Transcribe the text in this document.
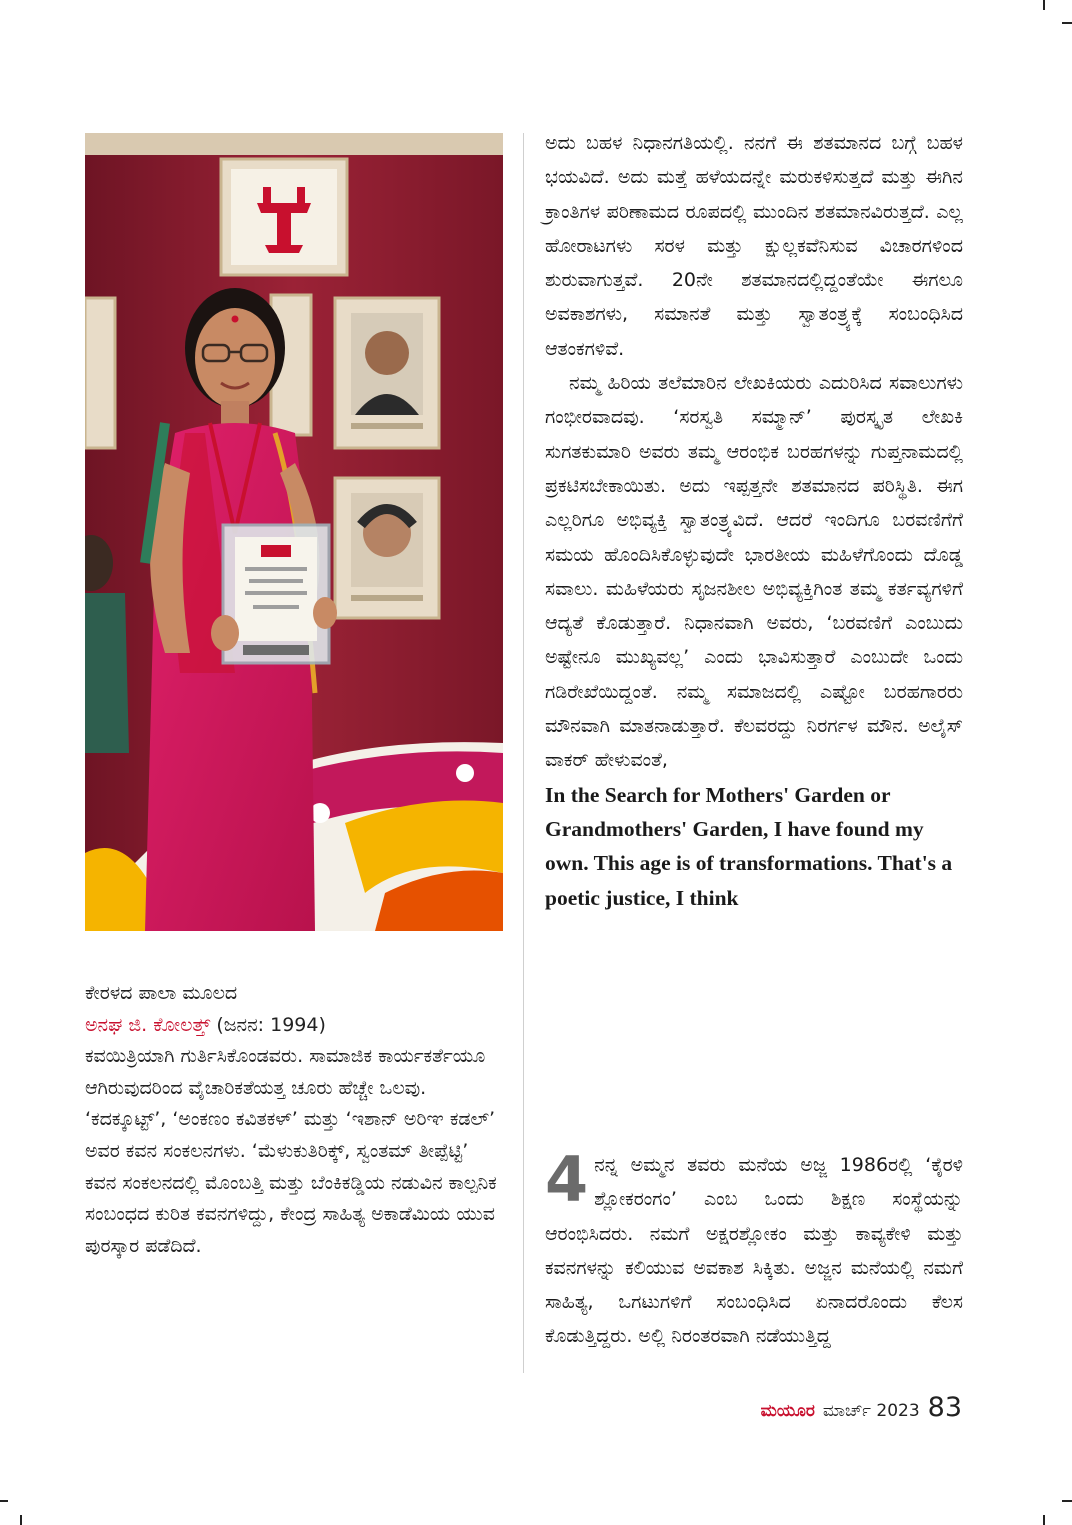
ಕೇರಳದ ಪಾಲಾ ಮೂಲದ

ಅನಘ ಜಿ. ಕೋಲತ್ತ್ (ಜನನ: 1994)

ಕವಯಿತ್ರಿಯಾಗಿ ಗುರ್ತಿಸಿಕೊಂಡವರು. ಸಾಮಾಜಿಕ ಕಾರ್ಯಕರ್ತೆಯೂ ಆಗಿರುವುದರಿಂದ ವೈಚಾರಿಕತೆಯತ್ತ ಚೂರು ಹೆಚ್ಚೇ ಒಲವು. ‘ಕದಕ್ಕೂಟ್ಟ್’, ‘ಅಂಕಣಂ ಕವಿತಕಳ್’ ಮತ್ತು ‘ಇಶಾನ್ ಅರಿಞ ಕಡಲ್’ ಅವರ ಕವನ ಸಂಕಲನಗಳು. ‘ಮೆಳುಕುತಿರಿಕ್ಕ್, ಸ್ವಂತಮ್ ತೀಪ್ಪೆಟ್ಟಿ’ ಕವನ ಸಂಕಲನದಲ್ಲಿ ಮೊಂಬತ್ತಿ ಮತ್ತು ಬೆಂಕಿಕಡ್ಡಿಯ ನಡುವಿನ ಕಾಲ್ಪನಿಕ ಸಂಬಂಧದ ಕುರಿತ ಕವನಗಳಿದ್ದು, ಕೇಂದ್ರ ಸಾಹಿತ್ಯ ಅಕಾಡೆಮಿಯ ಯುವ ಪುರಸ್ಕಾರ ಪಡೆದಿದೆ.

ಅದು ಬಹಳ ನಿಧಾನಗತಿಯಲ್ಲಿ. ನನಗೆ ಈ ಶತಮಾನದ ಬಗ್ಗೆ ಬಹಳ ಭಯವಿದೆ. ಅದು ಮತ್ತೆ ಹಳೆಯದನ್ನೇ ಮರುಕಳಿಸುತ್ತದೆ ಮತ್ತು ಈಗಿನ ಕ್ರಾಂತಿಗಳ ಪರಿಣಾಮದ ರೂಪದಲ್ಲಿ ಮುಂದಿನ ಶತಮಾನವಿರುತ್ತದೆ. ಎಲ್ಲ ಹೋರಾಟಗಳು ಸರಳ ಮತ್ತು ಕ್ಷುಲ್ಲಕವೆನಿಸುವ ವಿಚಾರಗಳಿಂದ ಶುರುವಾಗುತ್ತವೆ. 20ನೇ ಶತಮಾನದಲ್ಲಿದ್ದಂತೆಯೇ ಈಗಲೂ ಅವಕಾಶಗಳು, ಸಮಾನತೆ ಮತ್ತು ಸ್ವಾತಂತ್ರ್ಯಕ್ಕೆ ಸಂಬಂಧಿಸಿದ ಆತಂಕಗಳಿವೆ.

ನಮ್ಮ ಹಿರಿಯ ತಲೆಮಾರಿನ ಲೇಖಕಿಯರು ಎದುರಿಸಿದ ಸವಾಲುಗಳು ಗಂಭೀರವಾದವು. ‘ಸರಸ್ವತಿ ಸಮ್ಮಾನ್’ ಪುರಸ್ಕೃತ ಲೇಖಕಿ ಸುಗತಕುಮಾರಿ ಅವರು ತಮ್ಮ ಆರಂಭಿಕ ಬರಹಗಳನ್ನು ಗುಪ್ತನಾಮದಲ್ಲಿ ಪ್ರಕಟಿಸಬೇಕಾಯಿತು. ಅದು ಇಪ್ಪತ್ತನೇ ಶತಮಾನದ ಪರಿಸ್ಥಿತಿ. ಈಗ ಎಲ್ಲರಿಗೂ ಅಭಿವ್ಯಕ್ತಿ ಸ್ವಾತಂತ್ರ್ಯವಿದೆ. ಆದರೆ ಇಂದಿಗೂ ಬರವಣಿಗೆಗೆ ಸಮಯ ಹೊಂದಿಸಿಕೊಳ್ಳುವುದೇ ಭಾರತೀಯ ಮಹಿಳೆಗೊಂದು ದೊಡ್ಡ ಸವಾಲು. ಮಹಿಳೆಯರು ಸೃಜನಶೀಲ ಅಭಿವ್ಯಕ್ತಿಗಿಂತ ತಮ್ಮ ಕರ್ತವ್ಯಗಳಿಗೆ ಆದ್ಯತೆ ಕೊಡುತ್ತಾರೆ. ನಿಧಾನವಾಗಿ ಅವರು, ‘ಬರವಣಿಗೆ ಎಂಬುದು ಅಷ್ಟೇನೂ ಮುಖ್ಯವಲ್ಲ’ ಎಂದು ಭಾವಿಸುತ್ತಾರೆ ಎಂಬುದೇ ಒಂದು ಗಡಿರೇಖೆಯಿದ್ದಂತೆ. ನಮ್ಮ ಸಮಾಜದಲ್ಲಿ ಎಷ್ಟೋ ಬರಹಗಾರರು ಮೌನವಾಗಿ ಮಾತನಾಡುತ್ತಾರೆ. ಕೆಲವರದ್ದು ನಿರರ್ಗಳ ಮೌನ. ಅಲೈಸ್ ವಾಕರ್ ಹೇಳುವಂತೆ,

In the Search for Mothers' Garden or Grandmothers' Garden, I have found my own. This age is of transformations. That's a poetic justice, I think

4 ನನ್ನ ಅಮ್ಮನ ತವರು ಮನೆಯ ಅಜ್ಜ 1986ರಲ್ಲಿ ‘ಕೈರಳಿ ಶ್ಲೋಕರಂಗಂ’ ಎಂಬ ಒಂದು ಶಿಕ್ಷಣ ಸಂಸ್ಥೆಯನ್ನು ಆರಂಭಿಸಿದರು. ನಮಗೆ ಅಕ್ಷರಶ್ಲೋಕಂ ಮತ್ತು ಕಾವ್ಯಕೇಳಿ ಮತ್ತು ಕವನಗಳನ್ನು ಕಲಿಯುವ ಅವಕಾಶ ಸಿಕ್ಕಿತು. ಅಜ್ಜನ ಮನೆಯಲ್ಲಿ ನಮಗೆ ಸಾಹಿತ್ಯ, ಒಗಟುಗಳಿಗೆ ಸಂಬಂಧಿಸಿದ ಏನಾದರೊಂದು ಕೆಲಸ ಕೊಡುತ್ತಿದ್ದರು. ಅಲ್ಲಿ ನಿರಂತರವಾಗಿ ನಡೆಯುತ್ತಿದ್ದ

ಮಯೂರ ಮಾರ್ಚ್ 2023 83
